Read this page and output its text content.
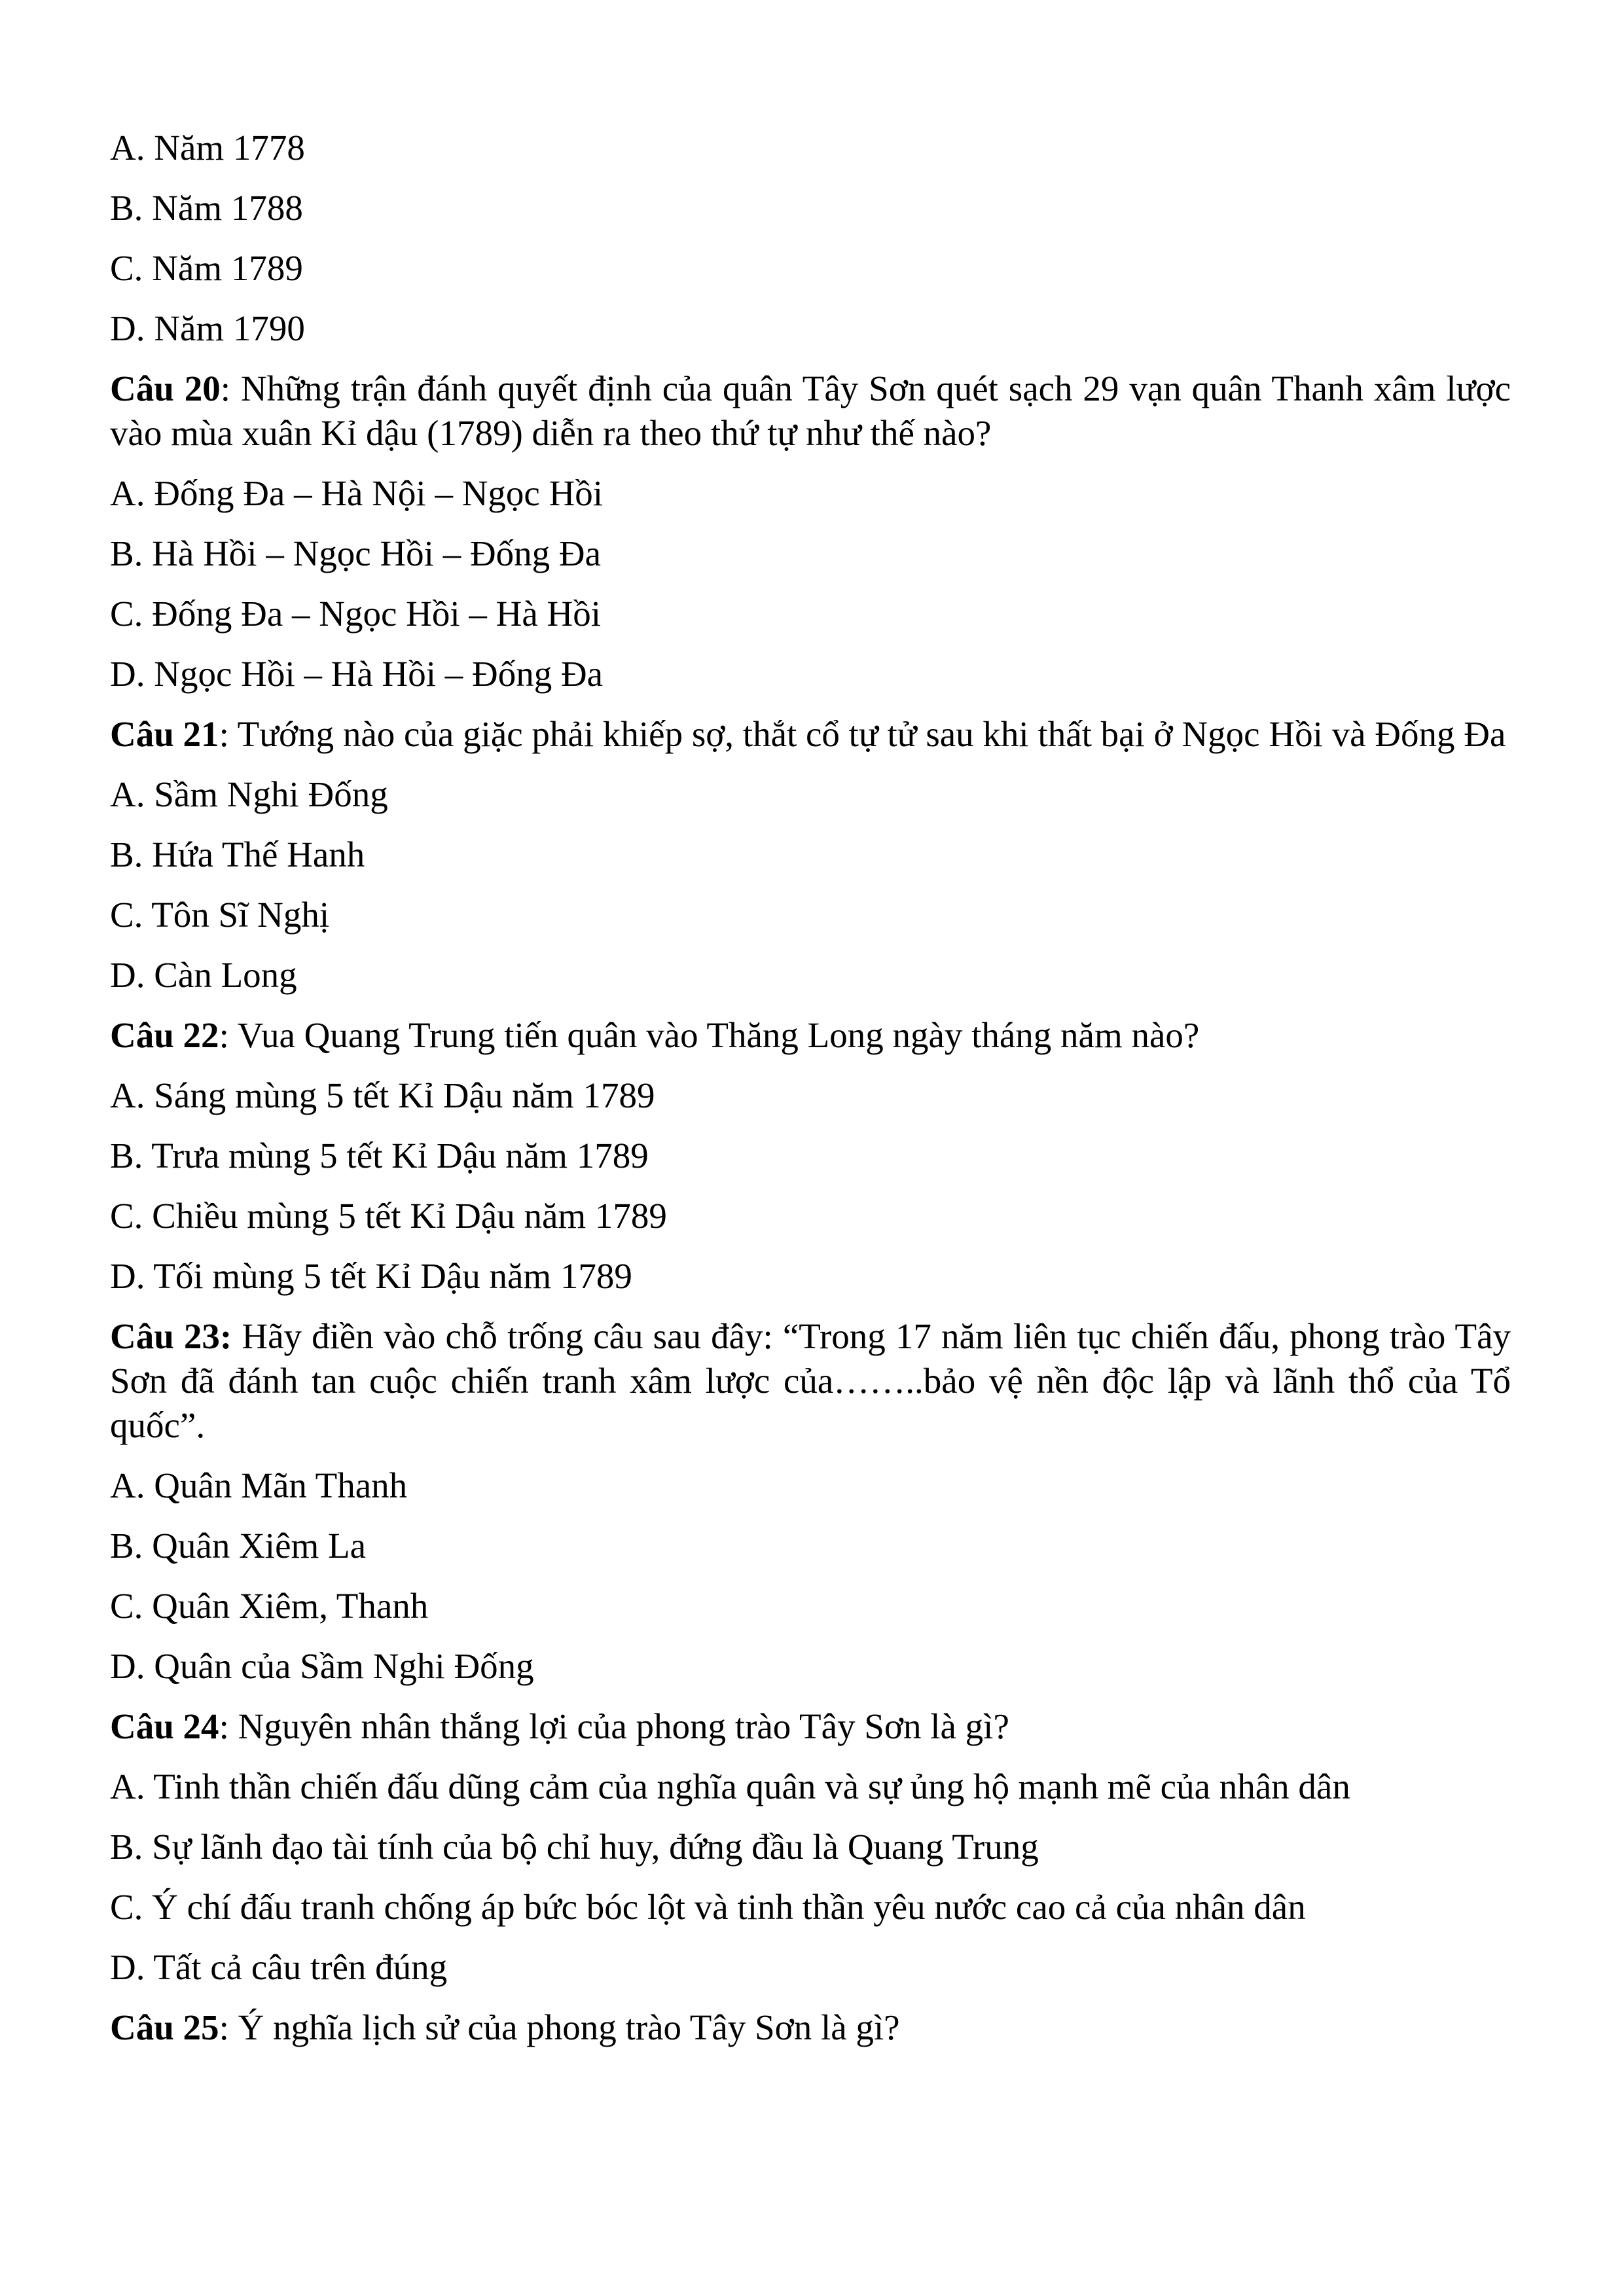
A. Năm 1778
B. Năm 1788
C. Năm 1789
D. Năm 1790
Câu 20: Những trận đánh quyết định của quân Tây Sơn quét sạch 29 vạn quân Thanh xâm lược vào mùa xuân Kỉ dậu (1789) diễn ra theo thứ tự như thế nào?
A. Đống Đa – Hà Nội – Ngọc Hồi
B. Hà Hồi – Ngọc Hồi – Đống Đa
C. Đống Đa – Ngọc Hồi – Hà Hồi
D. Ngọc Hồi – Hà Hồi – Đống Đa
Câu 21: Tướng nào của giặc phải khiếp sợ, thắt cổ tự tử sau khi thất bại ở Ngọc Hồi và Đống Đa
A. Sầm Nghi Đống
B. Hứa Thế Hanh
C. Tôn Sĩ Nghị
D. Càn Long
Câu 22: Vua Quang Trung tiến quân vào Thăng Long ngày tháng năm nào?
A. Sáng mùng 5 tết Kỉ Dậu năm 1789
B. Trưa mùng 5 tết Kỉ Dậu năm 1789
C. Chiều mùng 5 tết Kỉ Dậu năm 1789
D. Tối mùng 5 tết Kỉ Dậu năm 1789
Câu 23: Hãy điền vào chỗ trống câu sau đây: “Trong 17 năm liên tục chiến đấu, phong trào Tây Sơn đã đánh tan cuộc chiến tranh xâm lược của……..bảo vệ nền độc lập và lãnh thổ của Tổ quốc”.
A. Quân Mãn Thanh
B. Quân Xiêm La
C. Quân Xiêm, Thanh
D. Quân của Sầm Nghi Đống
Câu 24: Nguyên nhân thắng lợi của phong trào Tây Sơn là gì?
A. Tinh thần chiến đấu dũng cảm của nghĩa quân và sự ủng hộ mạnh mẽ của nhân dân
B. Sự lãnh đạo tài tính của bộ chỉ huy, đứng đầu là Quang Trung
C. Ý chí đấu tranh chống áp bức bóc lột và tinh thần yêu nước cao cả của nhân dân
D. Tất cả câu trên đúng
Câu 25: Ý nghĩa lịch sử của phong trào Tây Sơn là gì?
